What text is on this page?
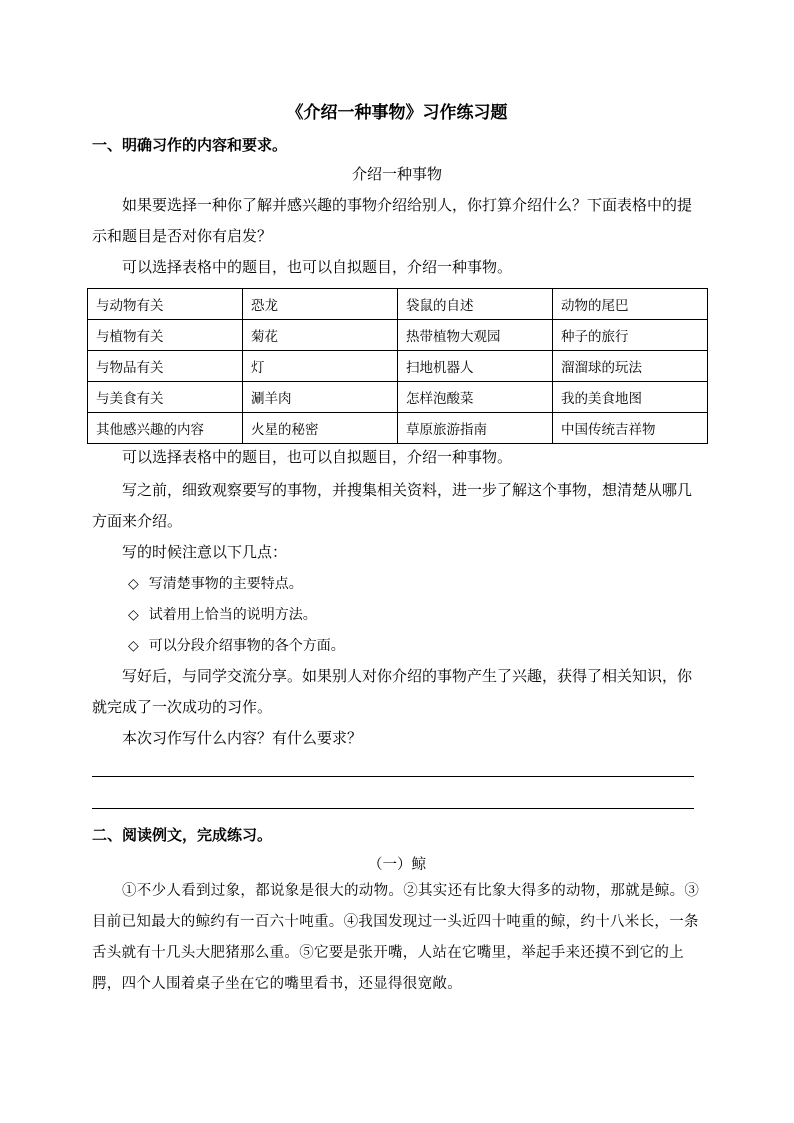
《介绍一种事物》习作练习题
一、明确习作的内容和要求。
介绍一种事物
如果要选择一种你了解并感兴趣的事物介绍给别人，你打算介绍什么？下面表格中的提示和题目是否对你有启发？
可以选择表格中的题目，也可以自拟题目，介绍一种事物。
与动物有关	恐龙	袋鼠的自述	动物的尾巴
与植物有关	菊花	热带植物大观园	种子的旅行
与物品有关	灯	扫地机器人	溜溜球的玩法
与美食有关	涮羊肉	怎样泡酸菜	我的美食地图
其他感兴趣的内容	火星的秘密	草原旅游指南	中国传统吉祥物
可以选择表格中的题目，也可以自拟题目，介绍一种事物。
写之前，细致观察要写的事物，并搜集相关资料，进一步了解这个事物，想清楚从哪几方面来介绍。
写的时候注意以下几点：
◇ 写清楚事物的主要特点。
◇ 试着用上恰当的说明方法。
◇ 可以分段介绍事物的各个方面。
写好后，与同学交流分享。如果别人对你介绍的事物产生了兴趣，获得了相关知识，你就完成了一次成功的习作。
本次习作写什么内容？有什么要求？
二、阅读例文，完成练习。
（一）鲸
①不少人看到过象，都说象是很大的动物。②其实还有比象大得多的动物，那就是鲸。③目前已知最大的鲸约有一百六十吨重。④我国发现过一头近四十吨重的鲸，约十八米长，一条舌头就有十几头大肥猪那么重。⑤它要是张开嘴，人站在它嘴里，举起手来还摸不到它的上腭，四个人围着桌子坐在它的嘴里看书，还显得很宽敞。
